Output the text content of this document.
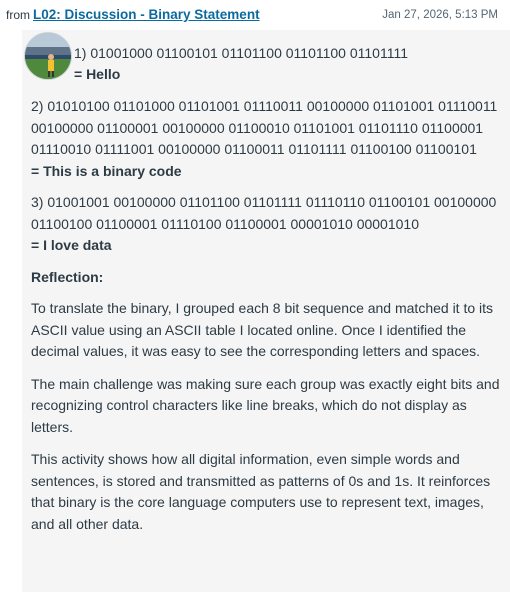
from L02: Discussion - Binary Statement	Jan 27, 2026, 5:13 PM
1) 01001000 01100101 01101100 01101100 01101111
= Hello
2) 01010100 01101000 01101001 01110011 00100000 01101001 01110011 00100000 01100001 00100000 01100010 01101001 01101110 01100001 01110010 01111001 00100000 01100011 01101111 01100100 01100101
= This is a binary code
3) 01001001 00100000 01101100 01101111 01110110 01100101 00100000 01100100 01100001 01110100 01100001 00001010 00001010
= I love data
Reflection:

To translate the binary, I grouped each 8 bit sequence and matched it to its ASCII value using an ASCII table I located online. Once I identified the decimal values, it was easy to see the corresponding letters and spaces.

The main challenge was making sure each group was exactly eight bits and recognizing control characters like line breaks, which do not display as letters.

This activity shows how all digital information, even simple words and sentences, is stored and transmitted as patterns of 0s and 1s. It reinforces that binary is the core language computers use to represent text, images, and all other data.
